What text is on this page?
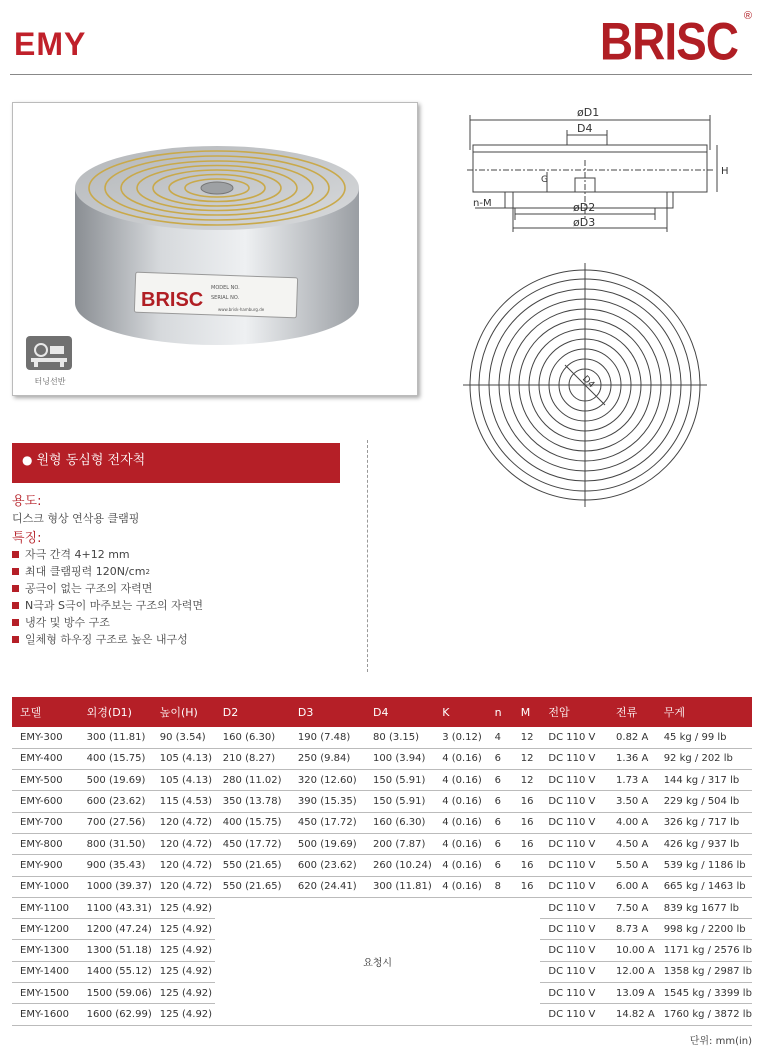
EMY	BRISC ®
BRISC
MODEL NO.
SERIAL NO.
www.brisk-hamburg.de
터닝선반
øD1
D4
G
H
n-M	øD2
øD3
D4
● 원형 동심형 전자척
용도:
디스크 형상 연삭용 클램핑
특징:
자극 간격 4+12 mm
최대 클램핑력 120N/cm 2
공극이 없는 구조의 자력면
N극과 S극이 마주보는 구조의 자력면
냉각 및 방수 구조
일체형 하우징 구조로 높은 내구성
모델	외경(D1)	높이(H)	D2	D3	D4	K	n	M	전압	전류	무게
EMY-300	300 (11.81)	90 (3.54)	160 (6.30)	190 (7.48)	80 (3.15)	3 (0.12)	4	12	DC 110 V	0.82 A	45 kg / 99 lb
EMY-400	400 (15.75)	105 (4.13)	210 (8.27)	250 (9.84)	100 (3.94)	4 (0.16)	6	12	DC 110 V	1.36 A	92 kg / 202 lb
EMY-500	500 (19.69)	105 (4.13)	280 (11.02)	320 (12.60)	150 (5.91)	4 (0.16)	6	12	DC 110 V	1.73 A	144 kg / 317 lb
EMY-600	600 (23.62)	115 (4.53)	350 (13.78)	390 (15.35)	150 (5.91)	4 (0.16)	6	16	DC 110 V	3.50 A	229 kg / 504 lb
EMY-700	700 (27.56)	120 (4.72)	400 (15.75)	450 (17.72)	160 (6.30)	4 (0.16)	6	16	DC 110 V	4.00 A	326 kg / 717 lb
EMY-800	800 (31.50)	120 (4.72)	450 (17.72)	500 (19.69)	200 (7.87)	4 (0.16)	6	16	DC 110 V	4.50 A	426 kg / 937 lb
EMY-900	900 (35.43)	120 (4.72)	550 (21.65)	600 (23.62)	260 (10.24)	4 (0.16)	6	16	DC 110 V	5.50 A	539 kg / 1186 lb
EMY-1000	1000 (39.37)	120 (4.72)	550 (21.65)	620 (24.41)	300 (11.81)	4 (0.16)	8	16	DC 110 V	6.00 A	665 kg / 1463 lb
EMY-1100	1100 (43.31)	125 (4.92)	요청시						DC 110 V	7.50 A	839 kg 1677 lb
EMY-1200	1200 (47.24)	125 (4.92)							DC 110 V	8.73 A	998 kg / 2200 lb
EMY-1300	1300 (51.18)	125 (4.92)							DC 110 V	10.00 A	1171 kg / 2576 lb
EMY-1400	1400 (55.12)	125 (4.92)							DC 110 V	12.00 A	1358 kg / 2987 lb
EMY-1500	1500 (59.06)	125 (4.92)							DC 110 V	13.09 A	1545 kg / 3399 lb
EMY-1600	1600 (62.99)	125 (4.92)							DC 110 V	14.82 A	1760 kg / 3872 lb
단위: mm(in)
